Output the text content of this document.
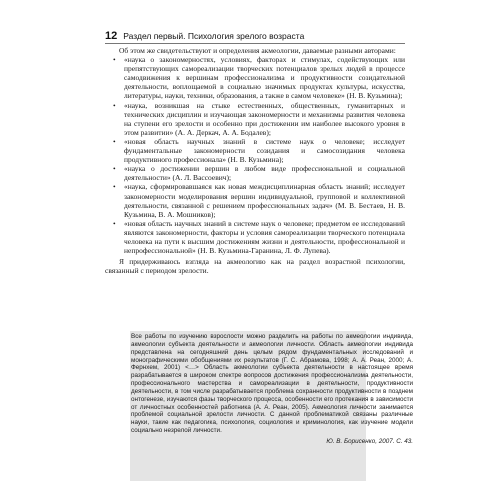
12 Раздел первый. Психология зрелого возраста

Об этом же свидетельствуют и определения акмеологии, даваемые разными авторами:

• «наука о закономерностях, условиях, факторах и стимулах, содействующих или препятствующих самореализации творческих потенциалов зрелых людей в процессе самодвижения к вершинам профессионализма и продуктивности созидательной деятельности, воплощаемой в социально значимых продуктах культуры, искусства, литературы, науки, техники, образования, а также в самом человеке» (Н. В. Кузьмина);
• «наука, возникшая на стыке естественных, общественных, гуманитарных и технических дисциплин и изучающая закономерности и механизмы развития человека на ступени его зрелости и особенно при достижении им наиболее высокого уровня в этом развитии» (А. А. Деркач, А. А. Бодалев);
• «новая область научных знаний в системе наук о человеке; исследует фундаментальные закономерности созидания и самосозидания человека продуктивного профессионала» (Н. В. Кузьмина);
• «наука о достижении вершин в любом виде профессиональной и социальной деятельности» (А. Л. Вассоевич);
• «наука, сформировавшаяся как новая междисциплинарная область знаний; исследует закономерности моделирования вершин индивидуальной, групповой и коллективной деятельности, связанной с решением профессиональных задач» (М. В. Бестаев, Н. В. Кузьмина, В. А. Мошников);
• «новая область научных знаний в системе наук о человеке; предметом ее исследований являются закономерности, факторы и условия самореализации творческого потенциала человека на пути к высшим достижениям жизни и деятельности, профессиональной и непрофессиональной» (Н. В. Кузьмина-Гаранина, Л. Ф. Лупева).

Я придерживаюсь взгляда на акмеологию как на раздел возрастной психологии, связанный с периодом зрелости.

Все работы по изучению взрослости можно разделить на работы по акмеологии индивида, акмеологии субъекта деятельности и акмеологии личности. Область акмеологии индивида представлена на сегодняшний день целым рядом фундаментальных исследований и монографическими обобщениями их результатов (Г. С. Абрамова, 1998; А. А. Реан, 2000; А. Фернхем, 2001) <…> Область акмеологии субъекта деятельности в настоящее время разрабатывается в широком спектре вопросов достижения профессионализма деятельности, профессионального мастерства и самореализации в деятельности, продуктивности деятельности, в том числе разрабатывается проблема сохранности продуктивности в позднем онтогенезе, изучаются фазы творческого процесса, особенности его протекания в зависимости от личностных особенностей работника (А. А. Реан, 2005). Акмеология личности занимается проблемой социальной зрелости личности. С данной проблематикой связаны различные науки, такие как педагогика, психология, социология и криминология, как изучение модели социально незрелой личности.
Ю. В. Борисенко, 2007. С. 43.
